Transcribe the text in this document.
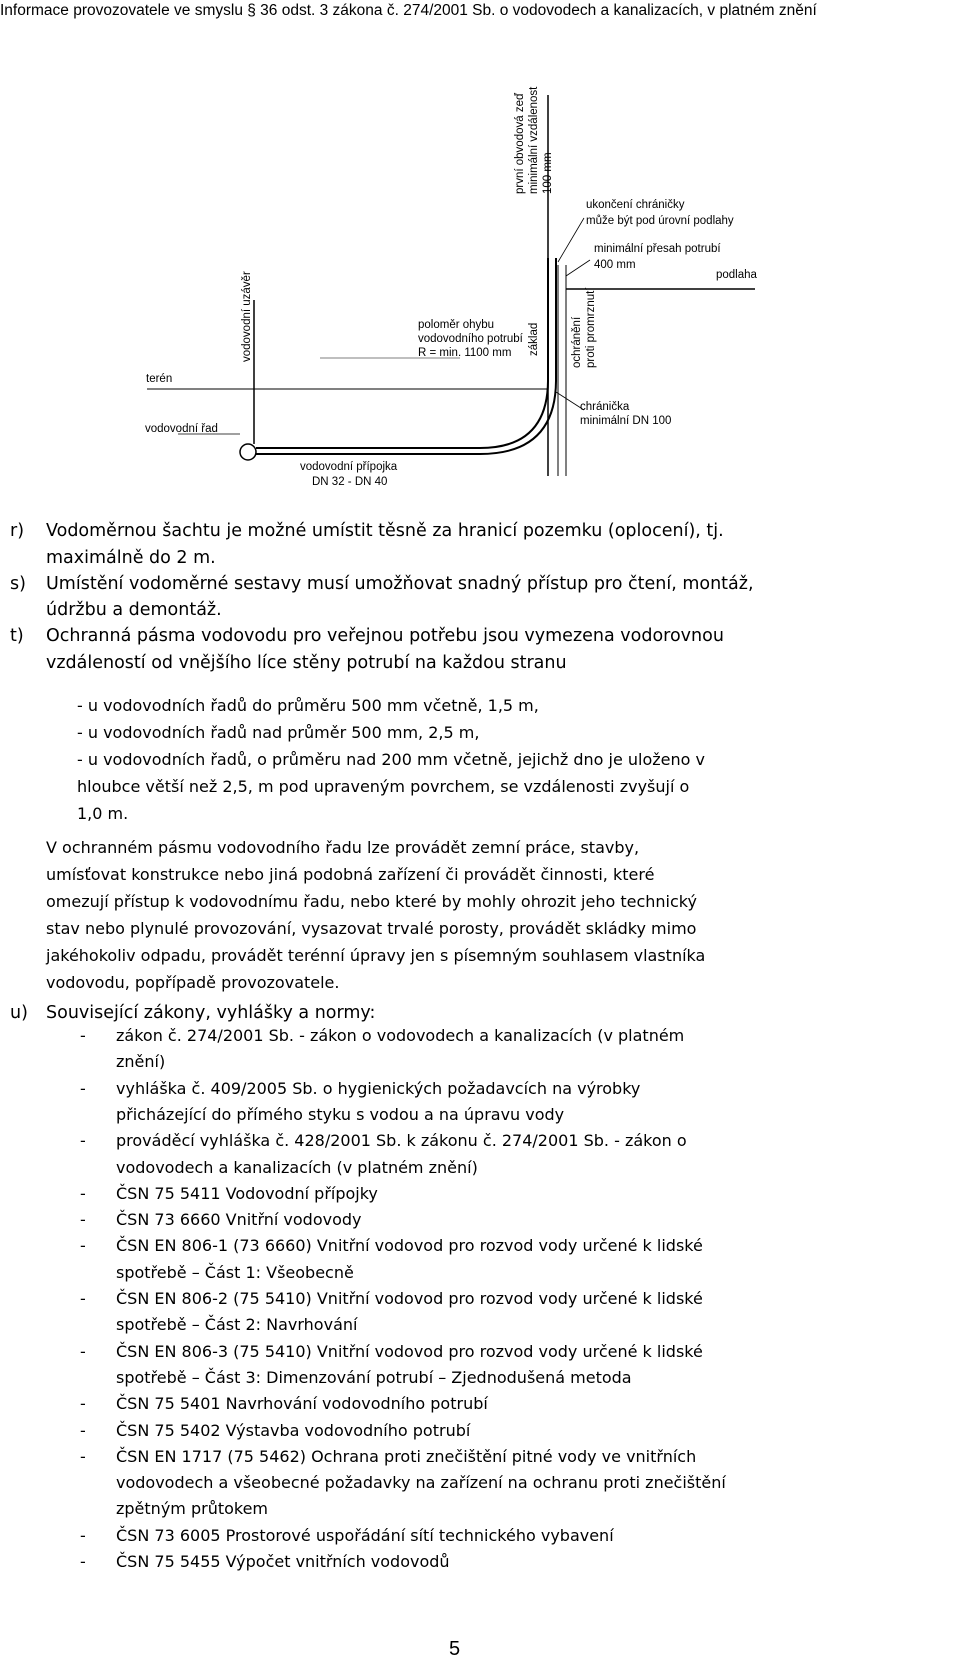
Informace provozovatele ve smyslu § 36 odst. 3 zákona č. 274/2001 Sb. o vodovodech a kanalizacích, v platném znění
první obvodová zeď minimální vzdálenost 100 mm
ukončení chráničky
může být pod úrovní podlahy
minimální přesah potrubí
400 mm
podlaha
vodovodní uzávěr	poloměr ohybu
vodovodního potrubí
R = min. 1100 mm základ	ochránění proti promrznutí
terén
vodovodní řad
chránička
minimální DN 100
vodovodní přípojka
DN 32 - DN 40
r) Vodoměrnou šachtu je možné umístit těsně za hranicí pozemku (oplocení), tj.
maximálně do 2 m.
s) Umístění vodoměrné sestavy musí umožňovat snadný přístup pro čtení, montáž,
údržbu a demontáž.
t) Ochranná pásma vodovodu pro veřejnou potřebu jsou vymezena vodorovnou
vzdáleností od vnějšího líce stěny potrubí na každou stranu
- u vodovodních řadů do průměru 500 mm včetně, 1,5 m,
- u vodovodních řadů nad průměr 500 mm, 2,5 m,
- u vodovodních řadů, o průměru nad 200 mm včetně, jejichž dno je uloženo v
hloubce větší než 2,5, m pod upraveným povrchem, se vzdálenosti zvyšují o
1,0 m.
V ochranném pásmu vodovodního řadu lze provádět zemní práce, stavby,
umísťovat konstrukce nebo jiná podobná zařízení či provádět činnosti, které
omezují přístup k vodovodnímu řadu, nebo které by mohly ohrozit jeho technický
stav nebo plynulé provozování, vysazovat trvalé porosty, provádět skládky mimo
jakéhokoliv odpadu, provádět terénní úpravy jen s písemným souhlasem vlastníka
vodovodu, popřípadě provozovatele.
u) Související zákony, vyhlášky a normy:
- zákon č. 274/2001 Sb. - zákon o vodovodech a kanalizacích (v platném
znění)
- vyhláška č. 409/2005 Sb. o hygienických požadavcích na výrobky
přicházející do přímého styku s vodou a na úpravu vody
- prováděcí vyhláška č. 428/2001 Sb. k zákonu č. 274/2001 Sb. - zákon o
vodovodech a kanalizacích (v platném znění)
- ČSN 75 5411 Vodovodní přípojky
- ČSN 73 6660 Vnitřní vodovody
- ČSN EN 806-1 (73 6660) Vnitřní vodovod pro rozvod vody určené k lidské
spotřebě – Část 1: Všeobecně
- ČSN EN 806-2 (75 5410) Vnitřní vodovod pro rozvod vody určené k lidské
spotřebě – Část 2: Navrhování
- ČSN EN 806-3 (75 5410) Vnitřní vodovod pro rozvod vody určené k lidské
spotřebě – Část 3: Dimenzování potrubí – Zjednodušená metoda
- ČSN 75 5401 Navrhování vodovodního potrubí
- ČSN 75 5402 Výstavba vodovodního potrubí
- ČSN EN 1717 (75 5462) Ochrana proti znečištění pitné vody ve vnitřních
vodovodech a všeobecné požadavky na zařízení na ochranu proti znečištění
zpětným průtokem
- ČSN 73 6005 Prostorové uspořádání sítí technického vybavení
- ČSN 75 5455 Výpočet vnitřních vodovodů
5
